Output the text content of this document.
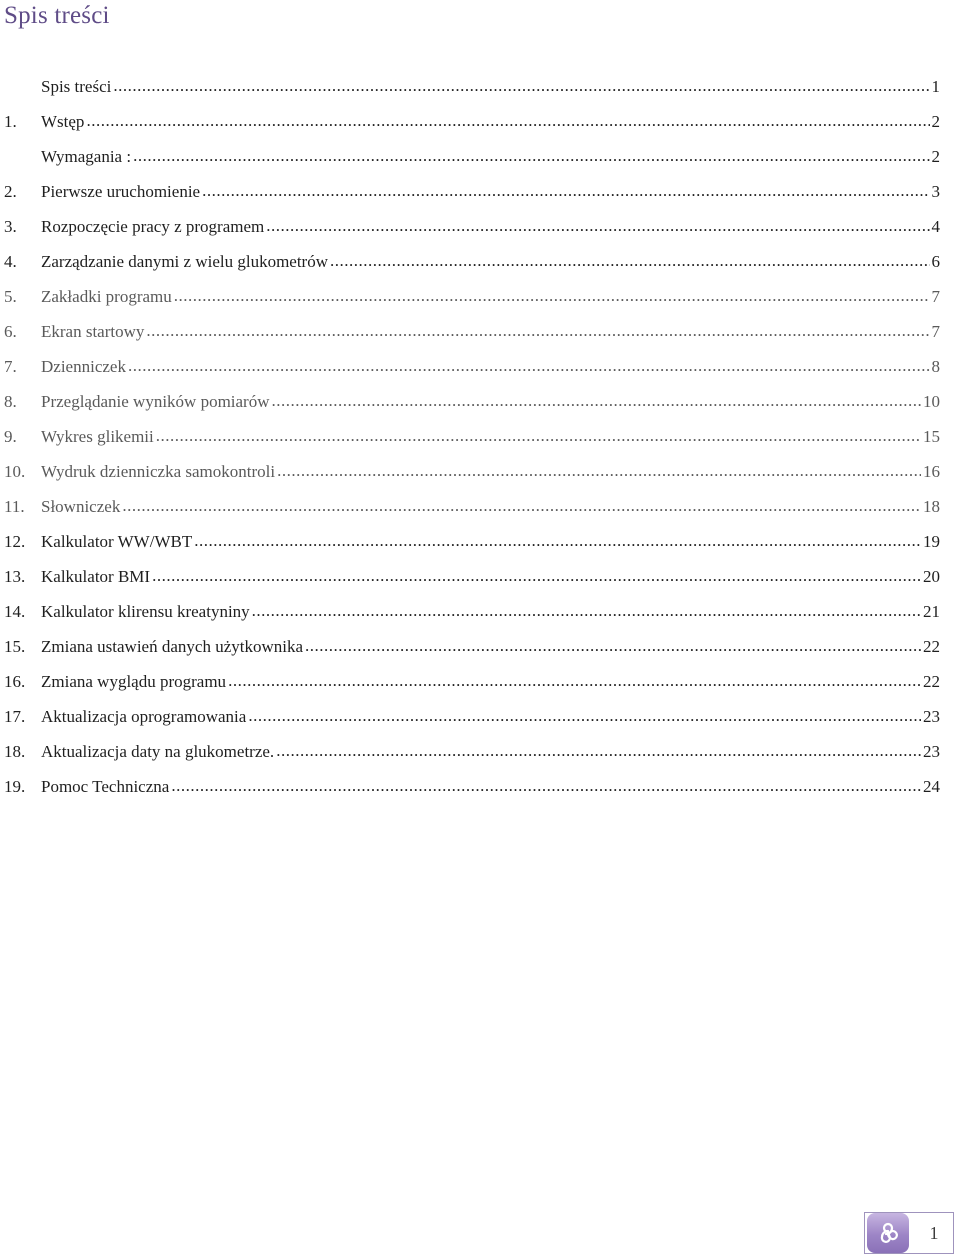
Spis treści
Spis treści .....	1
1.	Wstęp .....	2
Wymagania : .....	2
2.	Pierwsze uruchomienie .....	3
3.	Rozpoczęcie pracy z programem .....	4
4.	Zarządzanie danymi z wielu glukometrów .....	6
5.	Zakładki programu .....	7
6.	Ekran startowy .....	7
7.	Dzienniczek .....	8
8.	Przeglądanie wyników pomiarów .....	10
9.	Wykres glikemii .....	15
10. Wydruk dzienniczka samokontroli .....	16
11. Słowniczek .....	18
12. Kalkulator WW/WBT .....	19
13. Kalkulator BMI .....	20
14. Kalkulator klirensu kreatyniny .....	21
15. Zmiana ustawień danych użytkownika .....	22
16. Zmiana wyglądu programu .....	22
17. Aktualizacja oprogramowania .....	23
18. Aktualizacja daty na glukometrze. .....	23
19. Pomoc Techniczna .....	24
1
